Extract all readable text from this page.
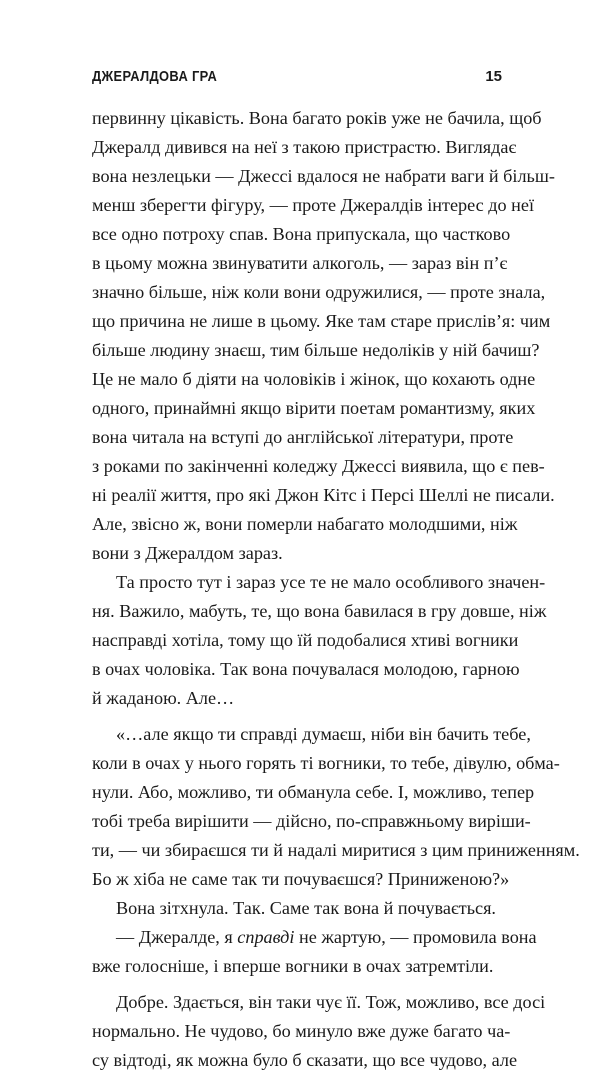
ДЖЕРАЛДОВА ГРА	15
первинну цікавість. Вона багато років уже не бачила, щоб
Джералд дивився на неї з такою пристрастю. Виглядає
вона незлецьки — Джессі вдалося не набрати ваги й більш-
менш зберегти фігуру, — проте Джералдів інтерес до неї
все одно потроху спав. Вона припускала, що частково
в цьому можна звинуватити алкоголь, — зараз він п’є
значно більше, ніж коли вони одружилися, — проте знала,
що причина не лише в цьому. Яке там старе прислів’я: чим
більше людину знаєш, тим більше недоліків у ній бачиш?
Це не мало б діяти на чоловіків і жінок, що кохають одне
одного, принаймні якщо вірити поетам романтизму, яких
вона читала на вступі до англійської літератури, проте
з роками по закінченні коледжу Джессі виявила, що є пев-
ні реалії життя, про які Джон Кітс і Персі Шеллі не писали.
Але, звісно ж, вони померли набагато молодшими, ніж
вони з Джералдом зараз.
Та просто тут і зараз усе те не мало особливого значен-
ня. Важило, мабуть, те, що вона бавилася в гру довше, ніж
насправді хотіла, тому що їй подобалися хтиві вогники
в очах чоловіка. Так вона почувалася молодою, гарною
й жаданою. Але…
«…але якщо ти справді думаєш, ніби він бачить тебе,
коли в очах у нього горять ті вогники, то тебе, дівулю, обма-
нули. Або, можливо, ти обманула себе. І, можливо, тепер
тобі треба вирішити — дійсно, по-справжньому виріши-
ти, — чи збираєшся ти й надалі миритися з цим приниженням.
Бо ж хіба не саме так ти почуваєшся? Приниженою?»
Вона зітхнула. Так. Саме так вона й почувається.
— Джералде, я справді не жартую, — промовила вона
вже голосніше, і вперше вогники в очах затремтіли.
Добре. Здається, він таки чує її. Тож, можливо, все досі
нормально. Не чудово, бо минуло вже дуже багато ча-
су відтоді, як можна було б сказати, що все чудово, але
